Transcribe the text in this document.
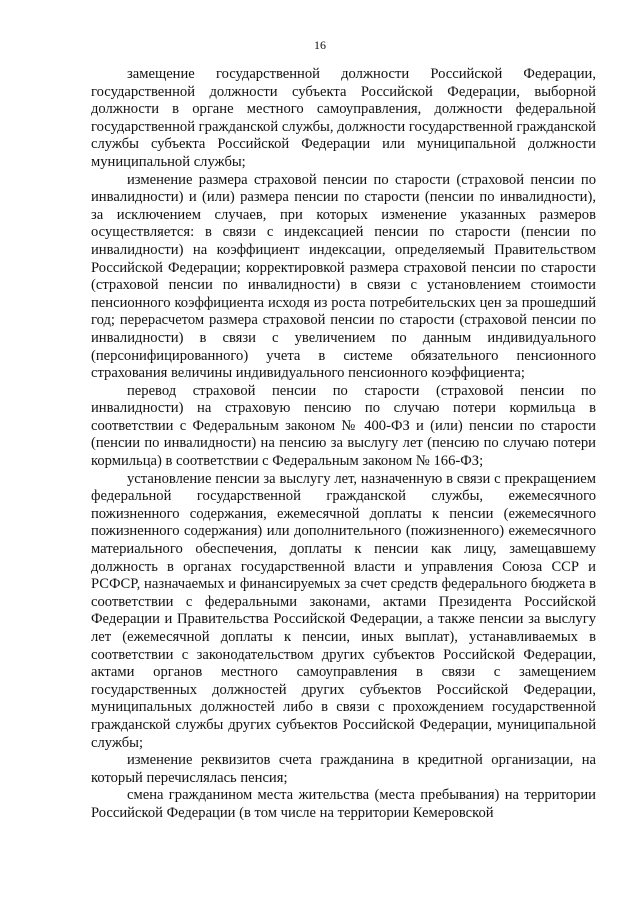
16

замещение государственной должности Российской Федерации, государственной должности субъекта Российской Федерации, выборной должности в органе местного самоуправления, должности федеральной государственной гражданской службы, должности государственной гражданской службы субъекта Российской Федерации или муниципальной должности муниципальной службы;

изменение размера страховой пенсии по старости (страховой пенсии по инвалидности) и (или) размера пенсии по старости (пенсии по инвалидности), за исключением случаев, при которых изменение указанных размеров осуществляется: в связи с индексацией пенсии по старости (пенсии по инвалидности) на коэффициент индексации, определяемый Правительством Российской Федерации; корректировкой размера страховой пенсии по старости (страховой пенсии по инвалидности) в связи с установлением стоимости пенсионного коэффициента исходя из роста потребительских цен за прошедший год; перерасчетом размера страховой пенсии по старости (страховой пенсии по инвалидности) в связи с увеличением по данным индивидуального (персонифицированного) учета в системе обязательного пенсионного страхования величины индивидуального пенсионного коэффициента;

перевод страховой пенсии по старости (страховой пенсии по инвалидности) на страховую пенсию по случаю потери кормильца в соответствии с Федеральным законом № 400-ФЗ и (или) пенсии по старости (пенсии по инвалидности) на пенсию за выслугу лет (пенсию по случаю потери кормильца) в соответствии с Федеральным законом № 166-ФЗ;

установление пенсии за выслугу лет, назначенную в связи с прекращением федеральной государственной гражданской службы, ежемесячного пожизненного содержания, ежемесячной доплаты к пенсии (ежемесячного пожизненного содержания) или дополнительного (пожизненного) ежемесячного материального обеспечения, доплаты к пенсии как лицу, замещавшему должность в органах государственной власти и управления Союза ССР и РСФСР, назначаемых и финансируемых за счет средств федерального бюджета в соответствии с федеральными законами, актами Президента Российской Федерации и Правительства Российской Федерации, а также пенсии за выслугу лет (ежемесячной доплаты к пенсии, иных выплат), устанавливаемых в соответствии с законодательством других субъектов Российской Федерации, актами органов местного самоуправления в связи с замещением государственных должностей других субъектов Российской Федерации, муниципальных должностей либо в связи с прохождением государственной гражданской службы других субъектов Российской Федерации, муниципальной службы;

изменение реквизитов счета гражданина в кредитной организации, на который перечислялась пенсия;

смена гражданином места жительства (места пребывания) на территории Российской Федерации (в том числе на территории Кемеровской
